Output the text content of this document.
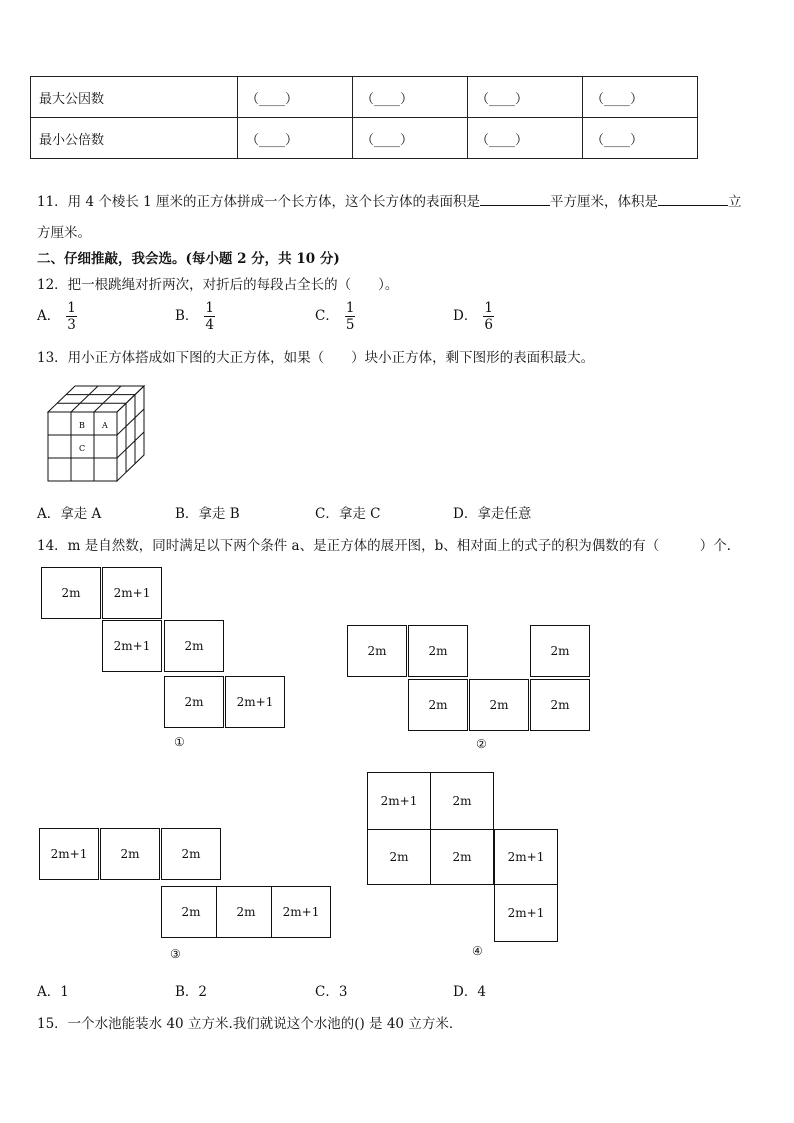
最大公因数	（____）	（____）	（____）	（____）
最小公倍数	（____）	（____）	（____）	（____）
11．用 4 个棱长 1 厘米的正方体拼成一个长方体，这个长方体的表面积是	平方厘米，体积是	立
方厘米。
二、仔细推敲，我会选。(每小题 2 分，共 10 分)
12．把一根跳绳对折两次，对折后的每段占全长的（　　）。
A． $\frac{1}{3}$	B． $\frac{1}{4}$	C． $\frac{1}{5}$	D． $\frac{1}{6}$
13．用小正方体搭成如下图的大正方体，如果（　　）块小正方体，剩下图形的表面积最大。
B A
C
A．拿走 A	B．拿走 B	C．拿走 C	D．拿走任意
14．m 是自然数，同时满足以下两个条件 a、是正方体的展开图，b、相对面上的式子的积为偶数的有（　　　）个．
2m	2m+1
2m+1	2m
2m	2m+1
①
2m	2m	2m
2m	2m	2m
②
2m+1	2m	2m
2m	2m	2m+1
③
2m+1	2m
2m	2m	2m+1
2m+1
④
A．1	B．2	C．3	D．4
15．一个水池能装水 40 立方米.我们就说这个水池的() 是 40 立方米．
